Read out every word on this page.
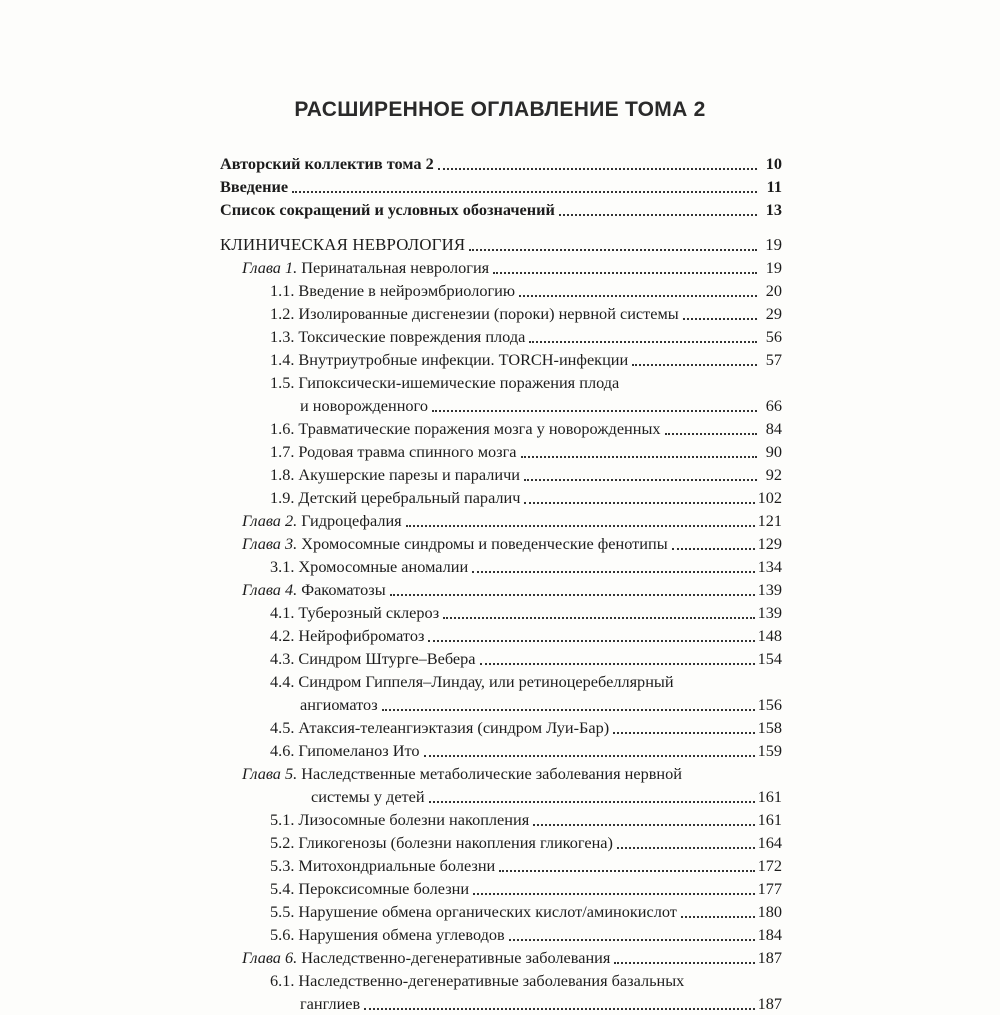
РАСШИРЕННОЕ ОГЛАВЛЕНИЕ ТОМА 2
Авторский коллектив тома 2	10
Введение	11
Список сокращений и условных обозначений	13
КЛИНИЧЕСКАЯ НЕВРОЛОГИЯ	19
Глава 1. Перинатальная неврология	19
1.1. Введение в нейроэмбриологию	20
1.2. Изолированные дисгенезии (пороки) нервной системы	29
1.3. Токсические повреждения плода	56
1.4. Внутриутробные инфекции. TORCH-инфекции	57
1.5. Гипоксически-ишемические поражения плода
и новорожденного	66
1.6. Травматические поражения мозга у новорожденных	84
1.7. Родовая травма спинного мозга	90
1.8. Акушерские парезы и параличи	92
1.9. Детский церебральный паралич	102
Глава 2. Гидроцефалия	121
Глава 3. Хромосомные синдромы и поведенческие фенотипы	129
3.1. Хромосомные аномалии	134
Глава 4. Факоматозы	139
4.1. Туберозный склероз	139
4.2. Нейрофиброматоз	148
4.3. Синдром Штурге–Вебера	154
4.4. Синдром Гиппеля–Линдау, или ретиноцеребеллярный
ангиоматоз	156
4.5. Атаксия-телеангиэктазия (синдром Луи-Бар)	158
4.6. Гипомеланоз Ито	159
Глава 5. Наследственные метаболические заболевания нервной
системы у детей	161
5.1. Лизосомные болезни накопления	161
5.2. Гликогенозы (болезни накопления гликогена)	164
5.3. Митохондриальные болезни	172
5.4. Пероксисомные болезни	177
5.5. Нарушение обмена органических кислот/аминокислот	180
5.6. Нарушения обмена углеводов	184
Глава 6. Наследственно-дегенеративные заболевания	187
6.1. Наследственно-дегенеративные заболевания базальных
ганглиев	187
